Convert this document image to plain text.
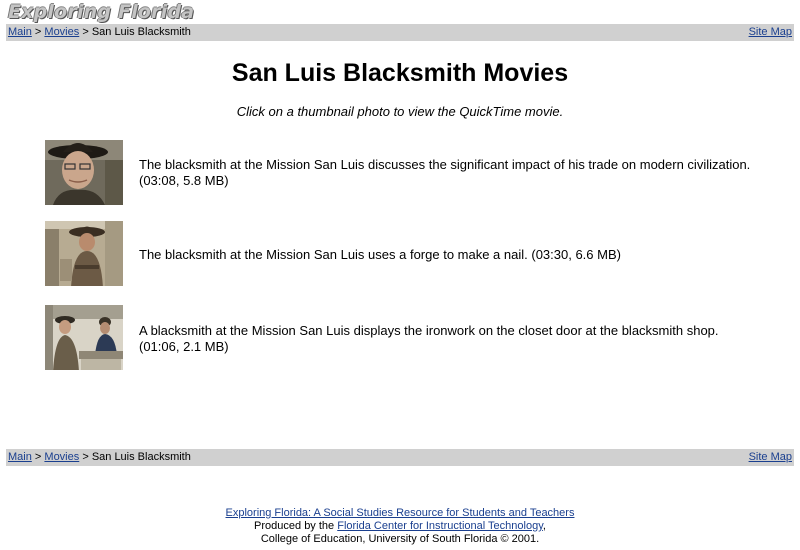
Exploring Florida
Main > Movies > San Luis Blacksmith	Site Map
San Luis Blacksmith Movies
Click on a thumbnail photo to view the QuickTime movie.
The blacksmith at the Mission San Luis discusses the significant impact of his trade on modern civilization. (03:08, 5.8 MB)
The blacksmith at the Mission San Luis uses a forge to make a nail. (03:30, 6.6 MB)
A blacksmith at the Mission San Luis displays the ironwork on the closet door at the blacksmith shop. (01:06, 2.1 MB)
Main > Movies > San Luis Blacksmith	Site Map
Exploring Florida: A Social Studies Resource for Students and Teachers
Produced by the Florida Center for Instructional Technology,
College of Education, University of South Florida © 2001.
